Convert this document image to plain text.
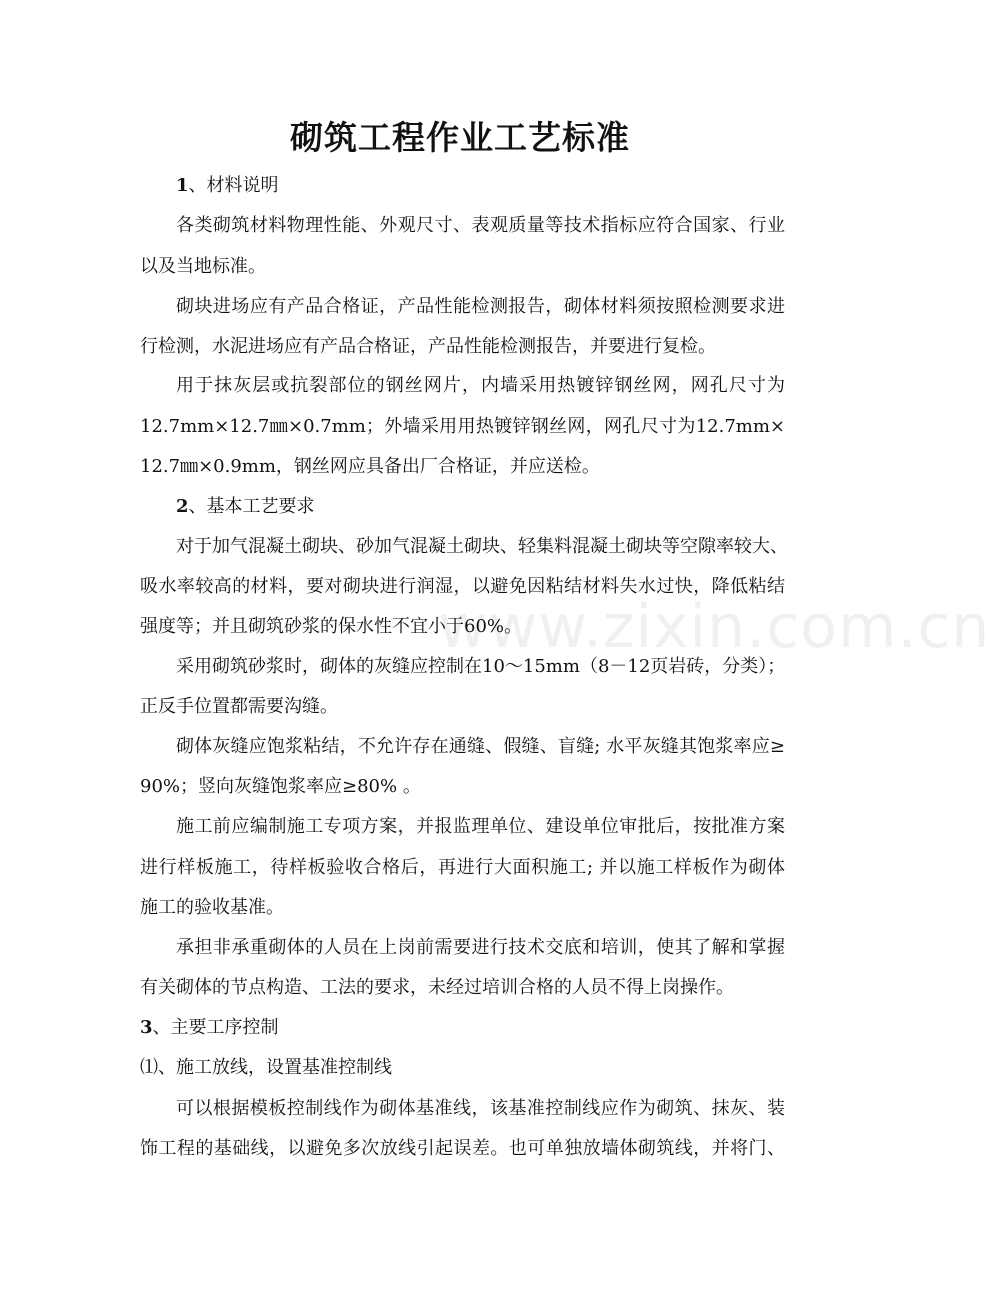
www.zixin.com.cn
砌筑工程作业工艺标准
1、材料说明
各类砌筑材料物理性能、外观尺寸、表观质量等技术指标应符合国家、行业
以及当地标准。
砌块进场应有产品合格证，产品性能检测报告，砌体材料须按照检测要求进
行检测，水泥进场应有产品合格证，产品性能检测报告，并要进行复检。
用于抹灰层或抗裂部位的钢丝网片，内墙采用热镀锌钢丝网，网孔尺寸为
12.7mm×12.7㎜×0.7mm；外墙采用用热镀锌钢丝网，网孔尺寸为12.7mm×
12.7㎜×0.9mm，钢丝网应具备出厂合格证，并应送检。
2、基本工艺要求
对于加气混凝土砌块、砂加气混凝土砌块、轻集料混凝土砌块等空隙率较大、
吸水率较高的材料，要对砌块进行润湿，以避免因粘结材料失水过快，降低粘结
强度等；并且砌筑砂浆的保水性不宜小于60%。
采用砌筑砂浆时，砌体的灰缝应控制在10～15mm（8－12页岩砖，分类）；
正反手位置都需要沟缝。
砌体灰缝应饱浆粘结，不允许存在通缝、假缝、盲缝; 水平灰缝其饱浆率应≥
90%；竖向灰缝饱浆率应≥80% 。
施工前应编制施工专项方案，并报监理单位、建设单位审批后，按批准方案
进行样板施工，待样板验收合格后，再进行大面积施工; 并以施工样板作为砌体
施工的验收基准。
承担非承重砌体的人员在上岗前需要进行技术交底和培训，使其了解和掌握
有关砌体的节点构造、工法的要求，未经过培训合格的人员不得上岗操作。
3、主要工序控制
⑴、施工放线，设置基准控制线
可以根据模板控制线作为砌体基准线，该基准控制线应作为砌筑、抹灰、装
饰工程的基础线，以避免多次放线引起误差。也可单独放墙体砌筑线，并将门、
